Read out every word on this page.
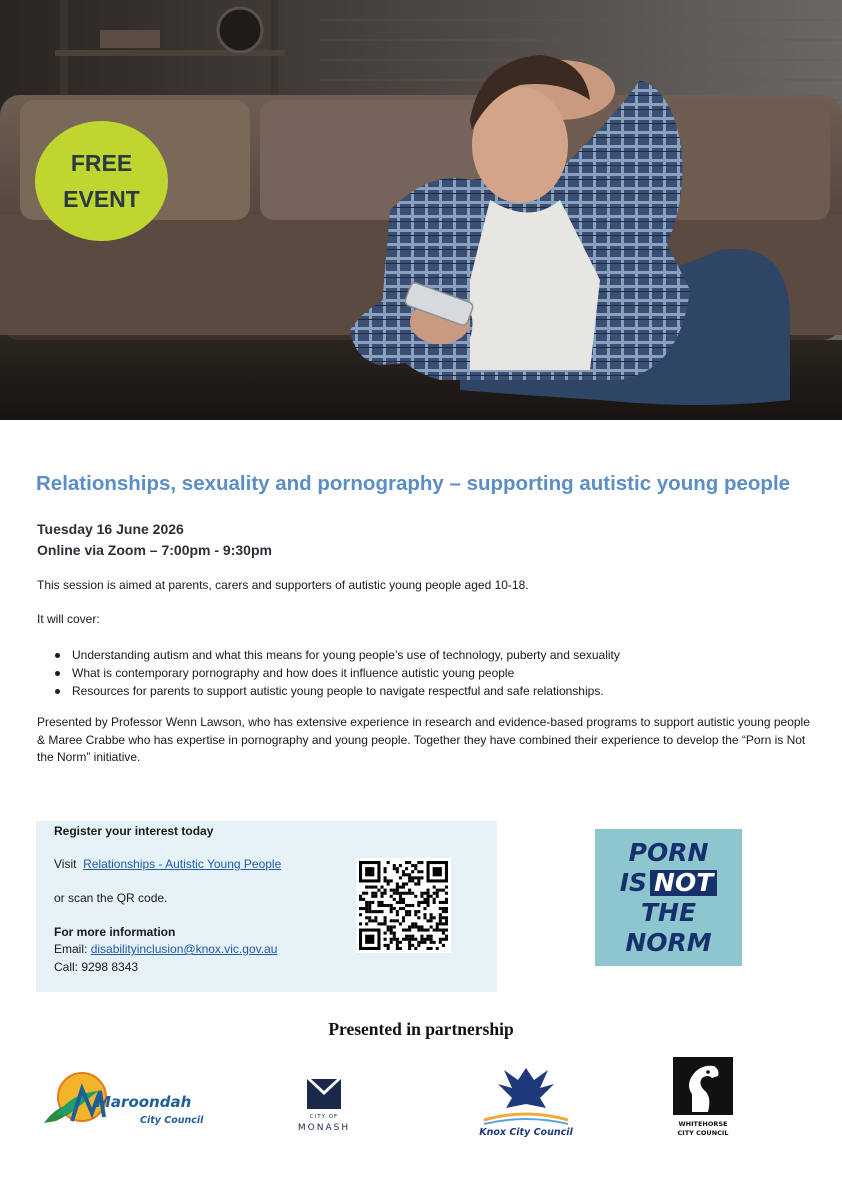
FREE
EVENT
Relationships, sexuality and pornography – supporting autistic young people
Tuesday 16 June 2026
Online via Zoom – 7:00pm - 9:30pm
This session is aimed at parents, carers and supporters of autistic young people aged 10-18.
It will cover:
Understanding autism and what this means for young people’s use of technology, puberty and sexuality
What is contemporary pornography and how does it influence autistic young people
Resources for parents to support autistic young people to navigate respectful and safe relationships.
Presented by Professor Wenn Lawson, who has extensive experience in research and evidence-based programs to support autistic young people & Maree Crabbe who has expertise in pornography and young people. Together they have combined their experience to develop the “Porn is Not the Norm” initiative.
Register your interest today
Visit Relationships - Autistic Young People
or scan the QR code.
For more information
Email: disabilityinclusion@knox.vic.gov.au
Call: 9298 8343
PORN
IS NOT
THE
NORM
Presented in partnership
Maroondah
City Council	CITY OF
MONASH	Knox City Council
WHITEHORSE
CITY COUNCIL
